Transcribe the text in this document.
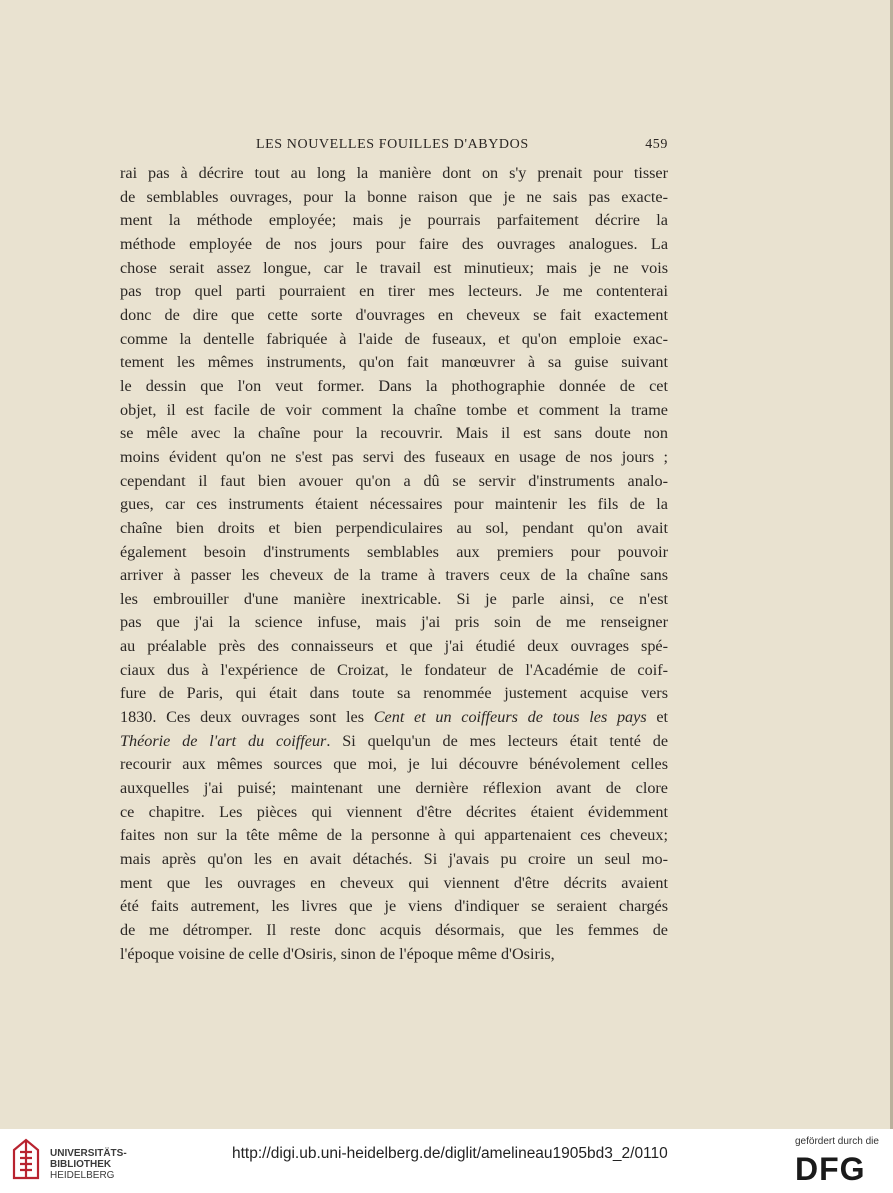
LES NOUVELLES FOUILLES D'ABYDOS	459
rai pas à décrire tout au long la manière dont on s'y prenait pour tisser
de semblables ouvrages, pour la bonne raison que je ne sais pas exacte-
ment la méthode employée; mais je pourrais parfaitement décrire la
méthode employée de nos jours pour faire des ouvrages analogues. La
chose serait assez longue, car le travail est minutieux; mais je ne vois
pas trop quel parti pourraient en tirer mes lecteurs. Je me contenterai
donc de dire que cette sorte d'ouvrages en cheveux se fait exactement
comme la dentelle fabriquée à l'aide de fuseaux, et qu'on emploie exac-
tement les mêmes instruments, qu'on fait manœuvrer à sa guise suivant
le dessin que l'on veut former. Dans la phothographie donnée de cet
objet, il est facile de voir comment la chaîne tombe et comment la trame
se mêle avec la chaîne pour la recouvrir. Mais il est sans doute non
moins évident qu'on ne s'est pas servi des fuseaux en usage de nos jours ;
cependant il faut bien avouer qu'on a dû se servir d'instruments analo-
gues, car ces instruments étaient nécessaires pour maintenir les fils de la
chaîne bien droits et bien perpendiculaires au sol, pendant qu'on avait
également besoin d'instruments semblables aux premiers pour pouvoir
arriver à passer les cheveux de la trame à travers ceux de la chaîne sans
les embrouiller d'une manière inextricable. Si je parle ainsi, ce n'est
pas que j'ai la science infuse, mais j'ai pris soin de me renseigner
au préalable près des connaisseurs et que j'ai étudié deux ouvrages spé-
ciaux dus à l'expérience de Croizat, le fondateur de l'Académie de coif-
fure de Paris, qui était dans toute sa renommée justement acquise vers
1830. Ces deux ouvrages sont les Cent et un coiffeurs de tous les pays et
Théorie de l'art du coiffeur. Si quelqu'un de mes lecteurs était tenté de
recourir aux mêmes sources que moi, je lui découvre bénévolement celles
auxquelles j'ai puisé; maintenant une dernière réflexion avant de clore
ce chapitre. Les pièces qui viennent d'être décrites étaient évidemment
faites non sur la tête même de la personne à qui appartenaient ces cheveux;
mais après qu'on les en avait détachés. Si j'avais pu croire un seul mo-
ment que les ouvrages en cheveux qui viennent d'être décrits avaient
été faits autrement, les livres que je viens d'indiquer se seraient chargés
de me détromper. Il reste donc acquis désormais, que les femmes de
l'époque voisine de celle d'Osiris, sinon de l'époque même d'Osiris,
UNIVERSITÄTS-
BIBLIOTHEK
HEIDELBERG
http://digi.ub.uni-heidelberg.de/diglit/amelineau1905bd3_2/0110
gefördert durch die
DFG
